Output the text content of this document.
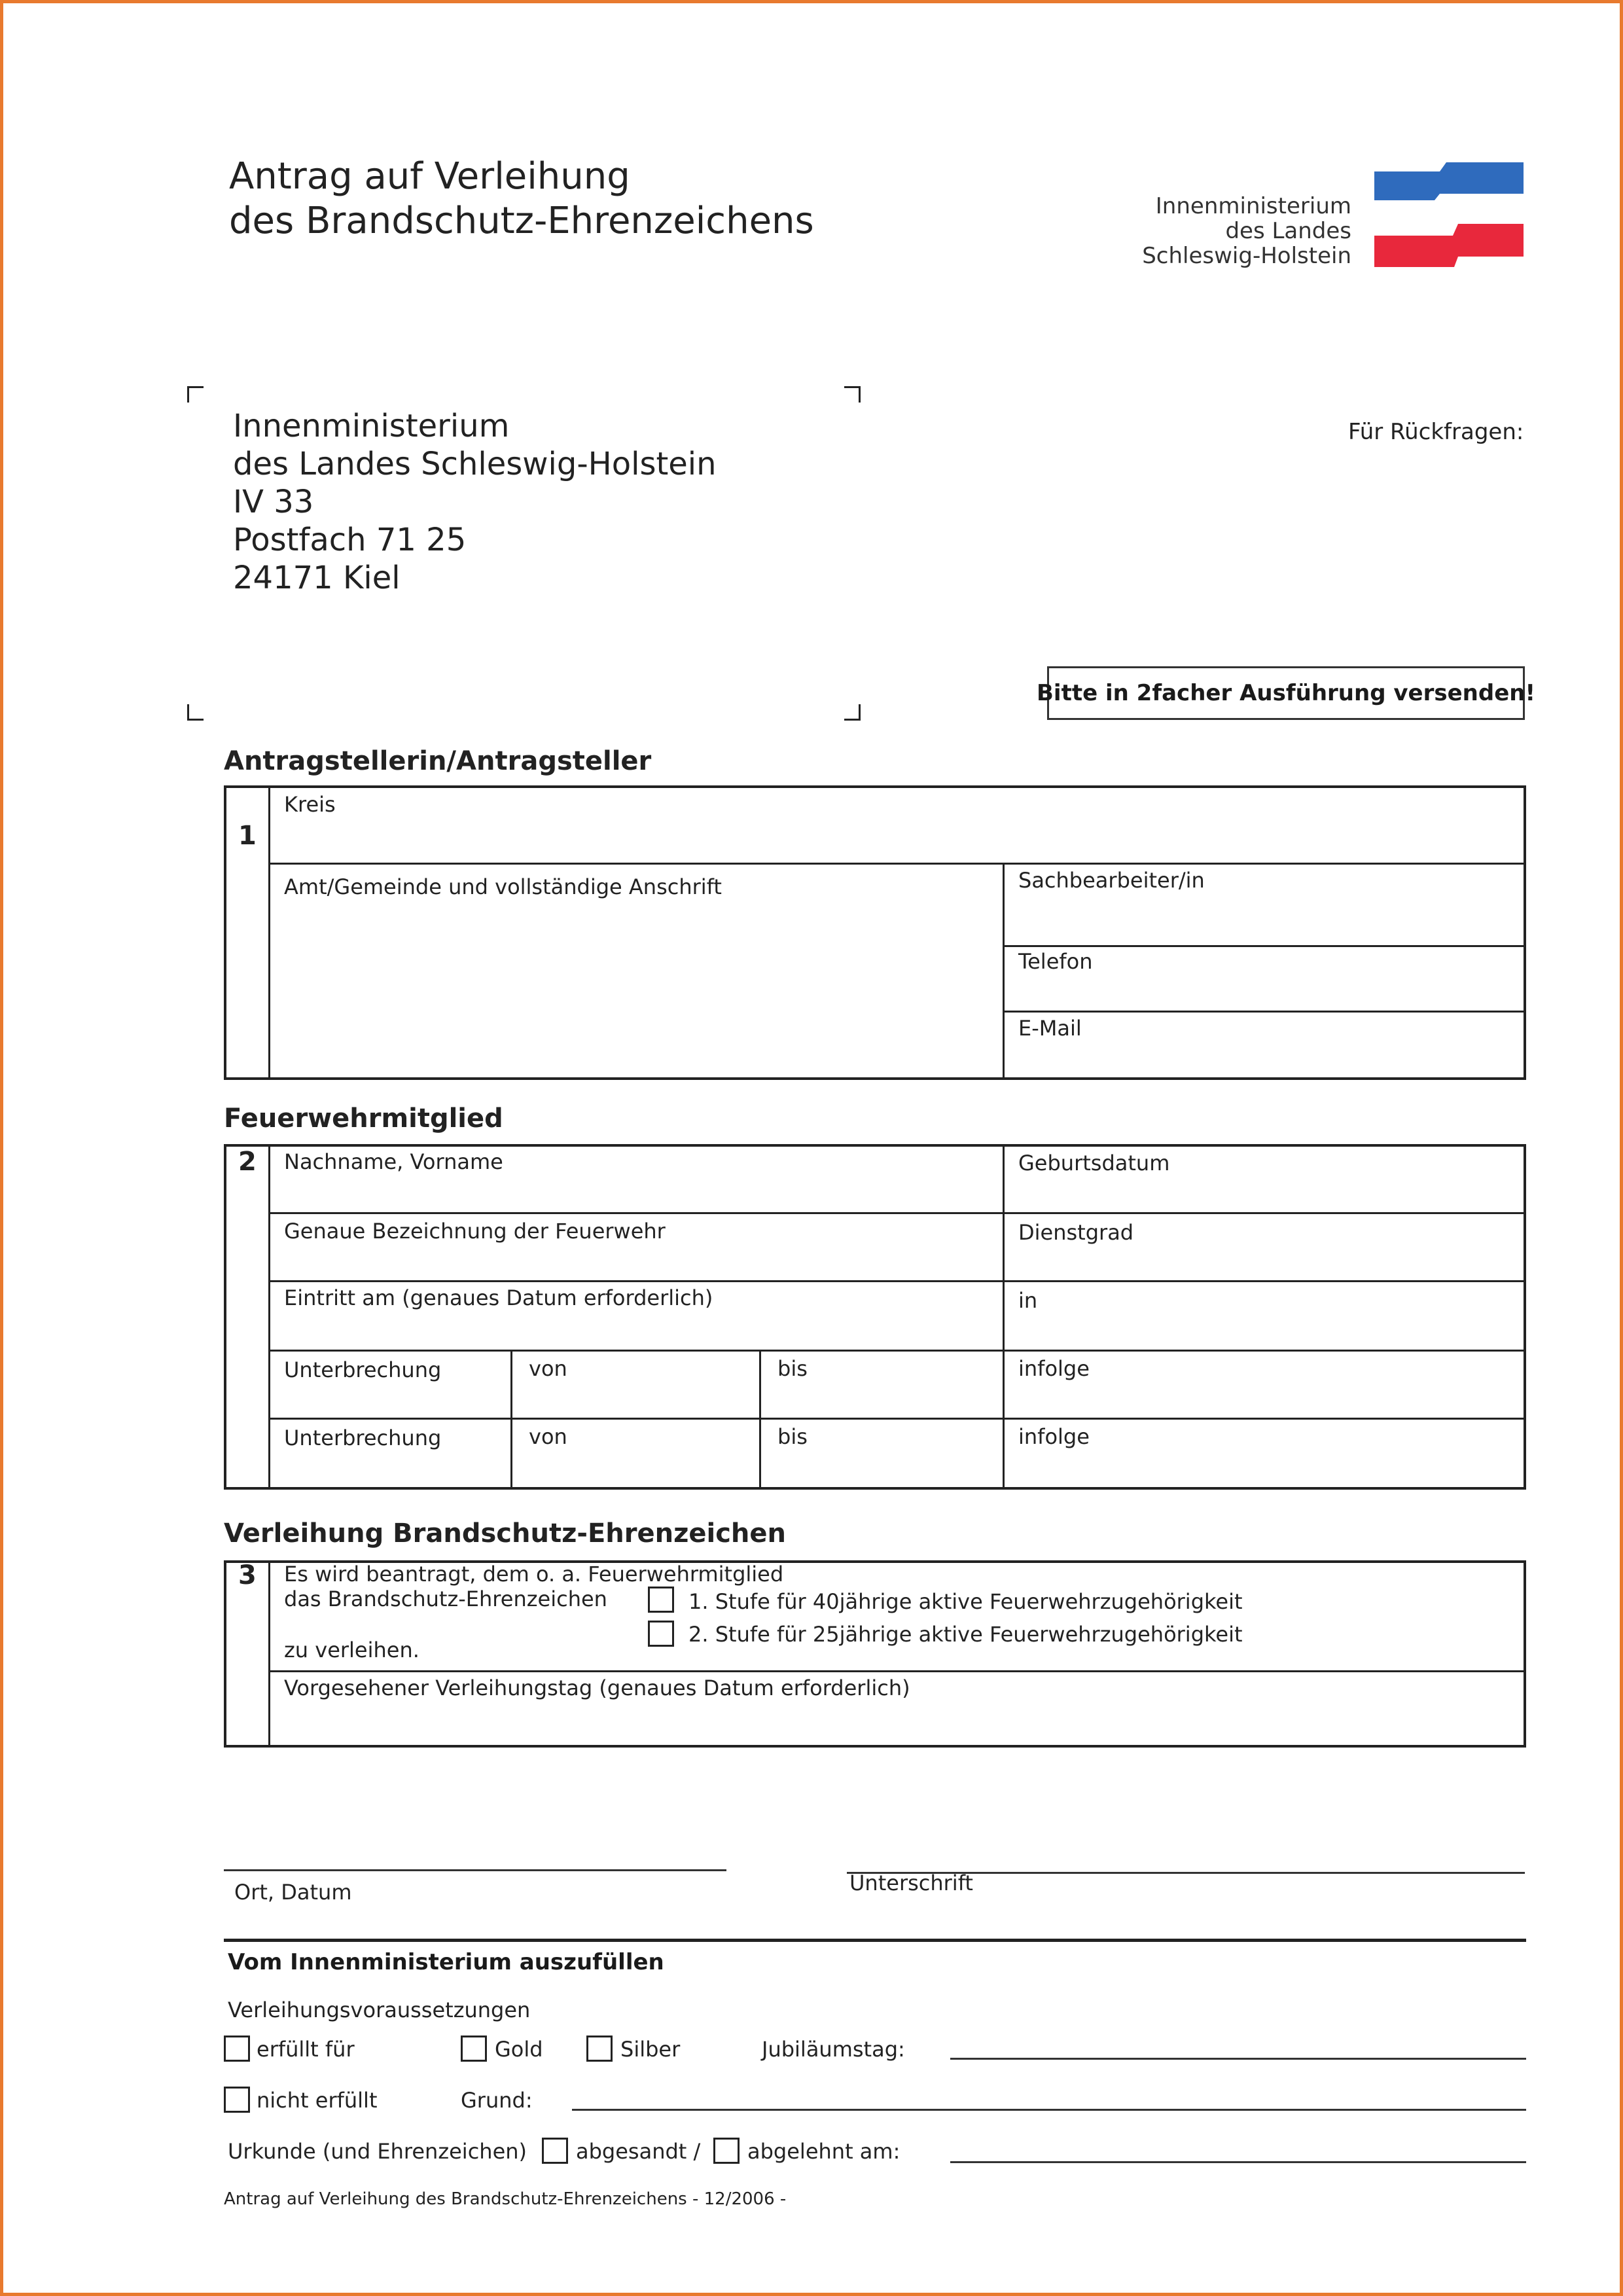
Antrag auf Verleihung
des Brandschutz-Ehrenzeichens	Innenministerium
des Landes
Schleswig-Holstein
Innenministerium
des Landes Schleswig-Holstein
IV 33
Postfach 71 25
24171 Kiel
Für Rückfragen:
Bitte in 2facher Ausführung versenden!
Antragstellerin/Antragsteller
1
Kreis
Amt/Gemeinde und vollständige Anschrift	Sachbearbeiter/in
Telefon
E-Mail
Feuerwehrmitglied
2 Nachname, Vorname	Geburtsdatum
Genaue Bezeichnung der Feuerwehr	Dienstgrad
Eintritt am (genaues Datum erforderlich)	in
Unterbrechung	von	bis	infolge
Unterbrechung	von	bis	infolge
Verleihung Brandschutz-Ehrenzeichen
3 Es wird beantragt, dem o. a. Feuerwehrmitglied
das Brandschutz-Ehrenzeichen
zu verleihen.
1. Stufe für 40jährige aktive Feuerwehrzugehörigkeit
2. Stufe für 25jährige aktive Feuerwehrzugehörigkeit
Vorgesehener Verleihungstag (genaues Datum erforderlich)
Ort, Datum	Unterschrift
Vom Innenministerium auszufüllen
Verleihungsvoraussetzungen
erfüllt für	Gold	Silber	Jubiläumstag:
nicht erfüllt	Grund:
Urkunde (und Ehrenzeichen) abgesandt / abgelehnt am:
Antrag auf Verleihung des Brandschutz-Ehrenzeichens - 12/2006 -
